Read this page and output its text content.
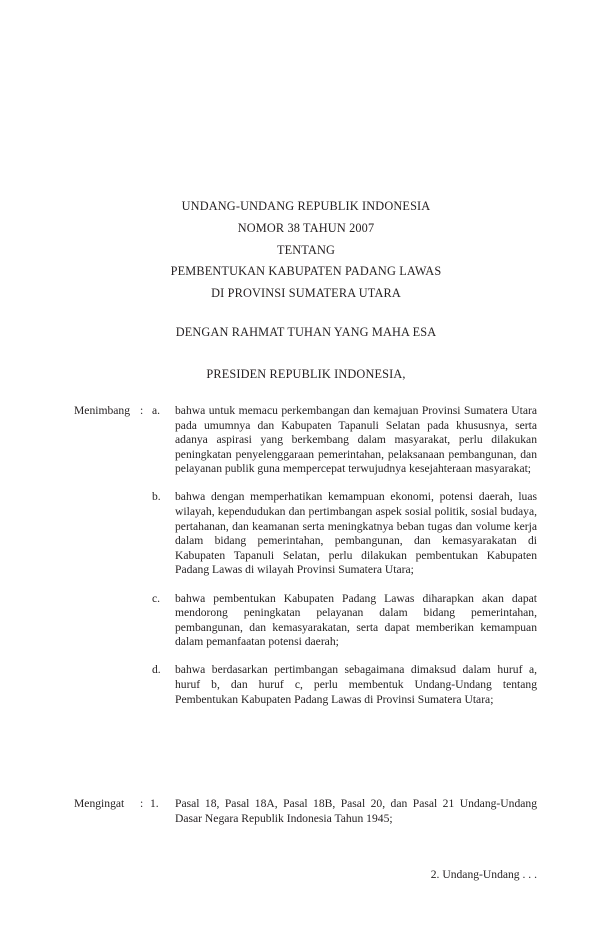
UNDANG-UNDANG REPUBLIK INDONESIA
NOMOR 38 TAHUN 2007
TENTANG
PEMBENTUKAN KABUPATEN PADANG LAWAS
DI PROVINSI SUMATERA UTARA
DENGAN RAHMAT TUHAN YANG MAHA ESA
PRESIDEN REPUBLIK INDONESIA,
Menimbang : a.	bahwa untuk memacu perkembangan dan kemajuan Provinsi Sumatera Utara pada umumnya dan Kabupaten Tapanuli Selatan pada khususnya, serta adanya aspirasi yang berkembang dalam masyarakat, perlu dilakukan peningkatan penyelenggaraan pemerintahan, pelaksanaan pembangunan, dan pelayanan publik guna mempercepat terwujudnya kesejahteraan masyarakat;

b.	bahwa dengan memperhatikan kemampuan ekonomi, potensi daerah, luas wilayah, kependudukan dan pertimbangan aspek sosial politik, sosial budaya, pertahanan, dan keamanan serta meningkatnya beban tugas dan volume kerja dalam bidang pemerintahan, pembangunan, dan kemasyarakatan di Kabupaten Tapanuli Selatan, perlu dilakukan pembentukan Kabupaten Padang Lawas di wilayah Provinsi Sumatera Utara;

c.	bahwa pembentukan Kabupaten Padang Lawas diharapkan akan dapat mendorong peningkatan pelayanan dalam bidang pemerintahan, pembangunan, dan kemasyarakatan, serta dapat memberikan kemampuan dalam pemanfaatan potensi daerah;

d.	bahwa berdasarkan pertimbangan sebagaimana dimaksud dalam huruf a, huruf b, dan huruf c, perlu membentuk Undang-Undang tentang Pembentukan Kabupaten Padang Lawas di Provinsi Sumatera Utara;

Mengingat	: 1.	Pasal 18, Pasal 18A, Pasal 18B, Pasal 20, dan Pasal 21 Undang-Undang Dasar Negara Republik Indonesia Tahun 1945;

2. Undang-Undang . . .
